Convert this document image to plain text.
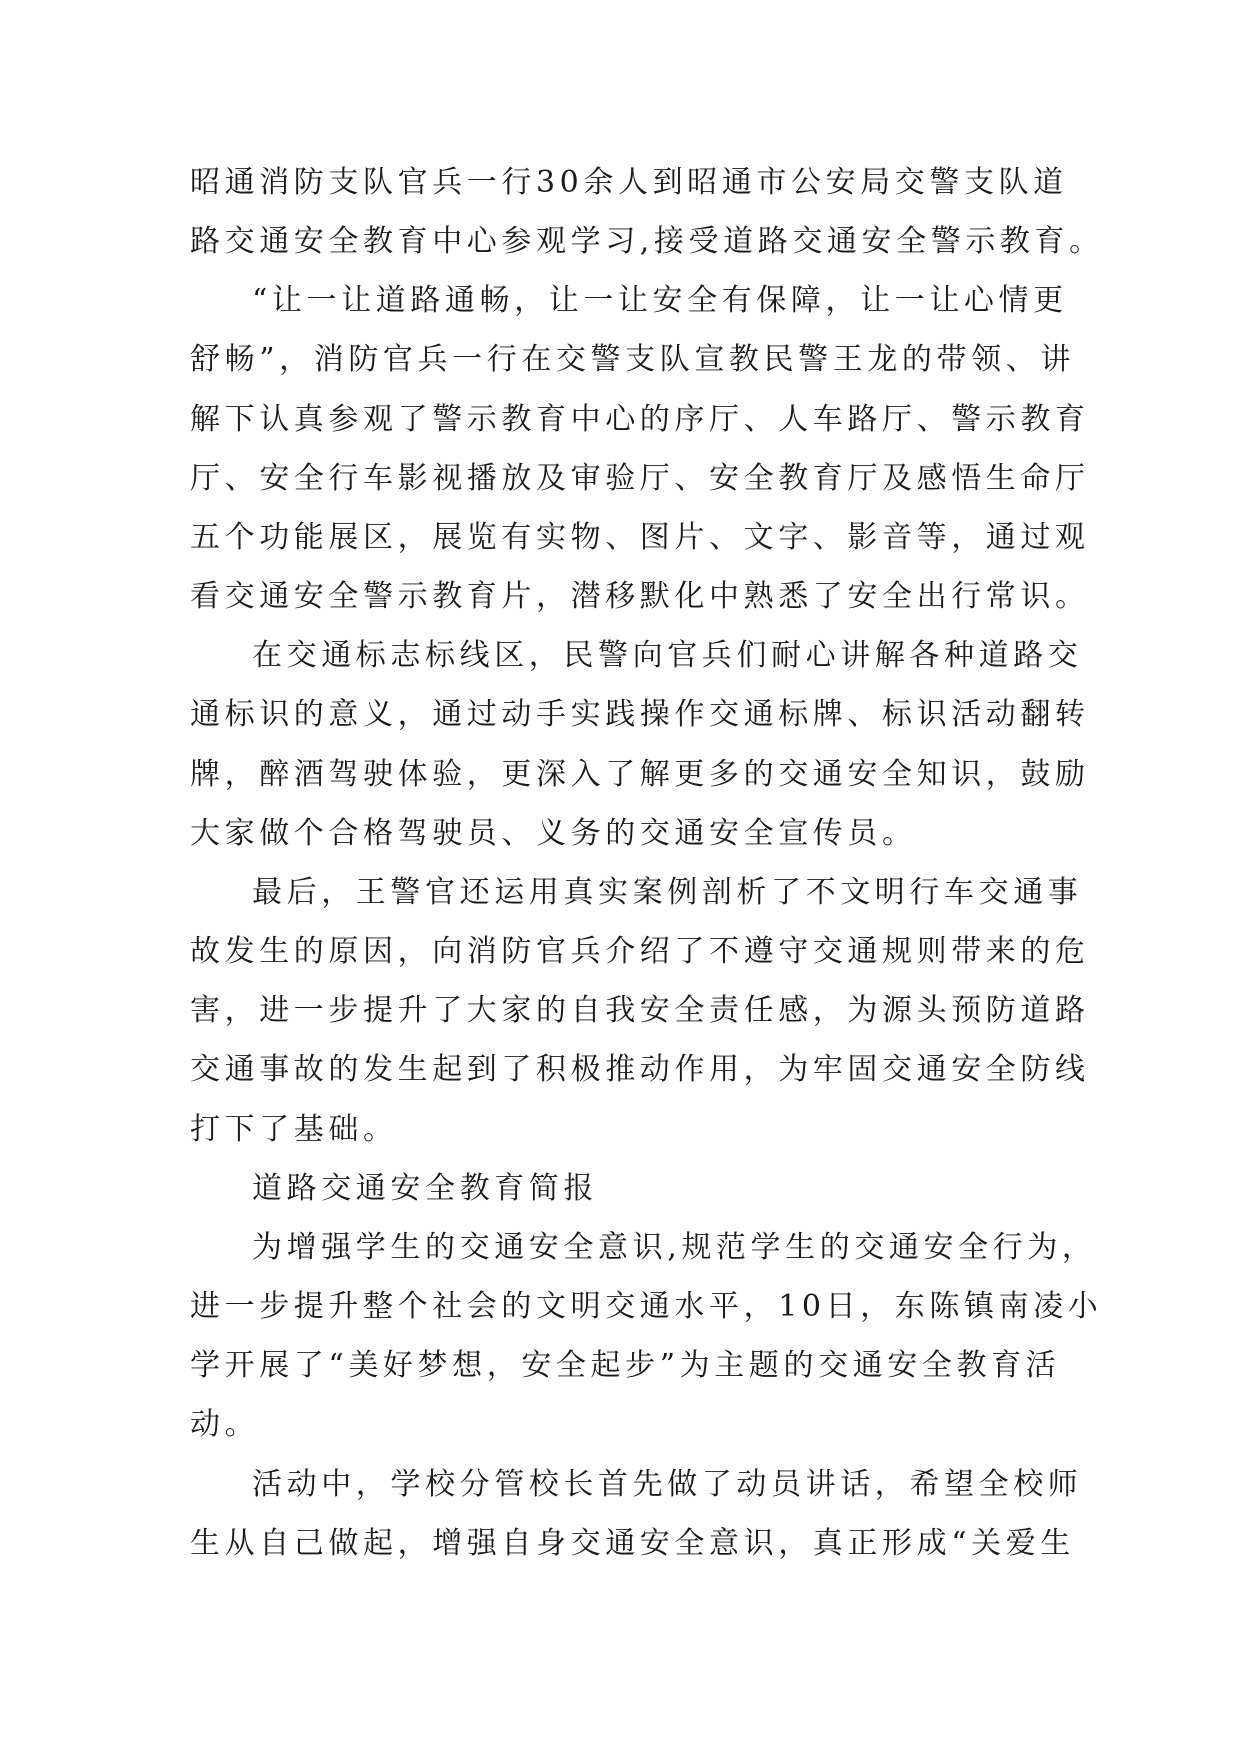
昭通消防支队官兵一行30余人到昭通市公安局交警支队道
路交通安全教育中心参观学习,接受道路交通安全警示教育。
“让一让道路通畅，让一让安全有保障，让一让心情更
舒畅”，消防官兵一行在交警支队宣教民警王龙的带领、讲
解下认真参观了警示教育中心的序厅、人车路厅、警示教育
厅、安全行车影视播放及审验厅、安全教育厅及感悟生命厅
五个功能展区，展览有实物、图片、文字、影音等，通过观
看交通安全警示教育片，潜移默化中熟悉了安全出行常识。
在交通标志标线区，民警向官兵们耐心讲解各种道路交
通标识的意义，通过动手实践操作交通标牌、标识活动翻转
牌，醉酒驾驶体验，更深入了解更多的交通安全知识，鼓励
大家做个合格驾驶员、义务的交通安全宣传员。
最后，王警官还运用真实案例剖析了不文明行车交通事
故发生的原因，向消防官兵介绍了不遵守交通规则带来的危
害，进一步提升了大家的自我安全责任感，为源头预防道路
交通事故的发生起到了积极推动作用，为牢固交通安全防线
打下了基础。
道路交通安全教育简报
为增强学生的交通安全意识,规范学生的交通安全行为，
进一步提升整个社会的文明交通水平，10日，东陈镇南凌小
学开展了“美好梦想，安全起步”为主题的交通安全教育活
动。
活动中，学校分管校长首先做了动员讲话，希望全校师
生从自己做起，增强自身交通安全意识，真正形成“关爱生
